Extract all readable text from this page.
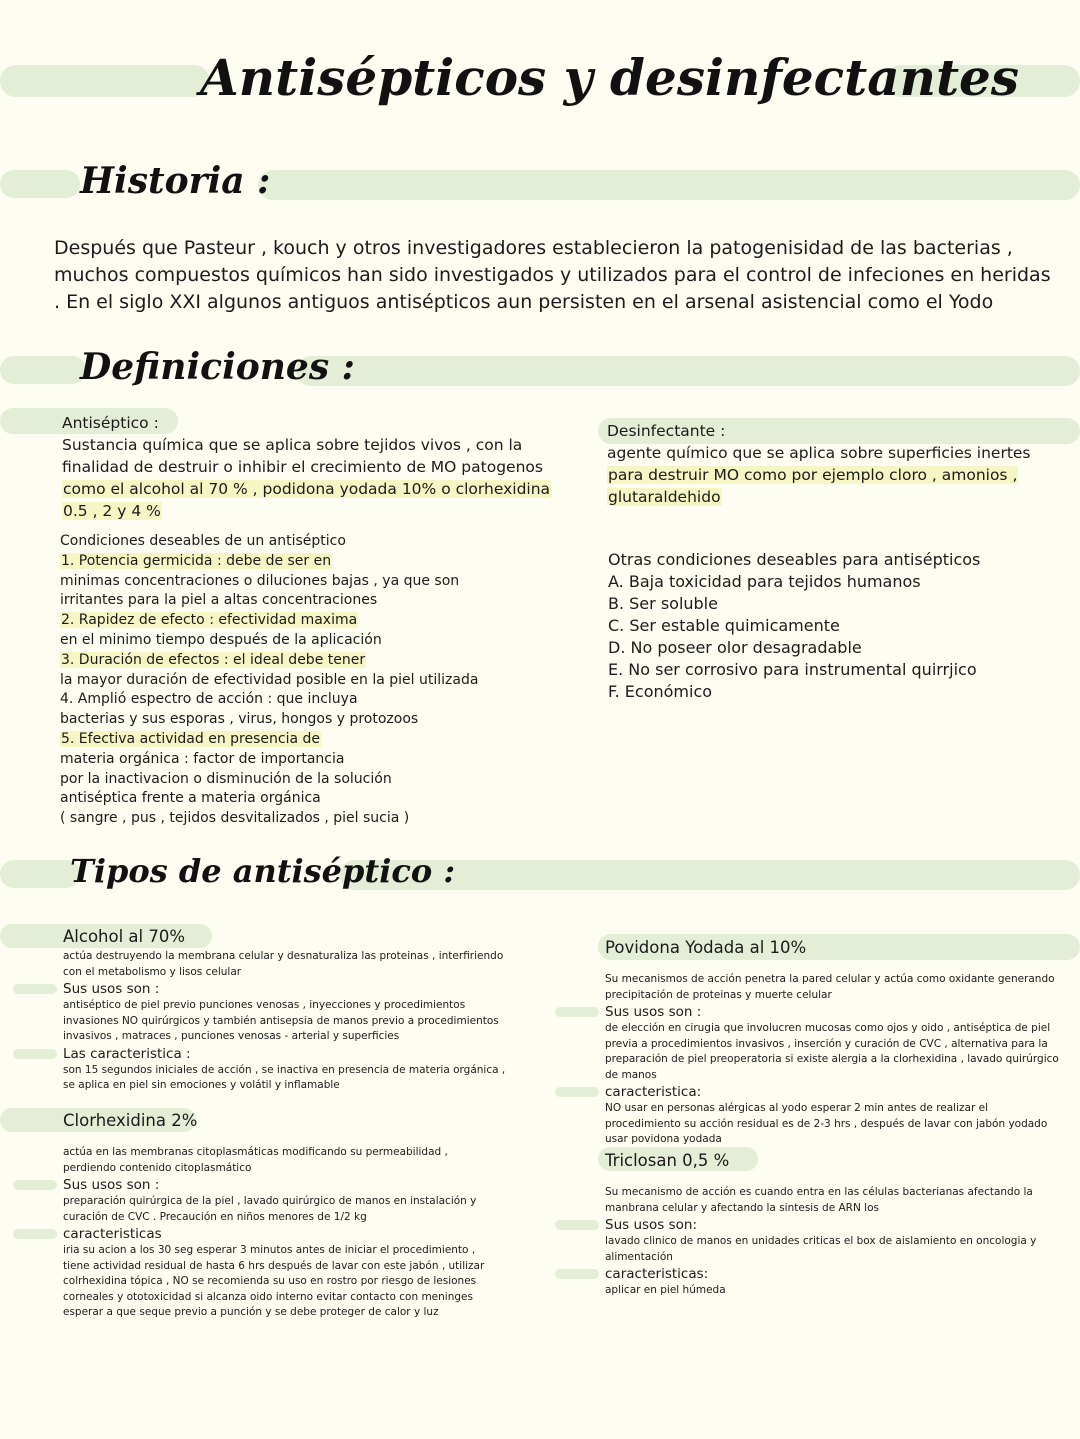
Antisépticos y desinfectantes
Historia :

Después que Pasteur , kouch y otros investigadores establecieron la patogenisidad de las bacterias , muchos compuestos químicos han sido investigados y utilizados para el control de infeciones en heridas . En el siglo XXI algunos antiguos antisépticos aun persisten en el arsenal asistencial como el Yodo

Definiciones :

Antiséptico :

Sustancia química que se aplica sobre tejidos vivos , con la

finalidad de destruir o inhibir el crecimiento de MO patogenos

como el alcohol al 70 % , podidona yodada 10% o clorhexidina

0.5 , 2 y 4 %

Desinfectante :

agente químico que se aplica sobre superficies inertes

para destruir MO como por ejemplo cloro , amonios ,

glutaraldehido

Condiciones deseables de un antiséptico

1. Potencia germicida : debe de ser en

minimas concentraciones o diluciones bajas , ya que son

irritantes para la piel a altas concentraciones

2. Rapidez de efecto : efectividad maxima

en el minimo tiempo después de la aplicación

3. Duración de efectos : el ideal debe tener

la mayor duración de efectividad posible en la piel utilizada

4. Amplió espectro de acción : que incluya

bacterias y sus esporas , virus, hongos y protozoos

5. Efectiva actividad en presencia de

materia orgánica : factor de importancia

por la inactivacion o disminución de la solución

antiséptica frente a materia orgánica

( sangre , pus , tejidos desvitalizados , piel sucia )

Otras condiciones deseables para antisépticos

A. Baja toxicidad para tejidos humanos

B. Ser soluble

C. Ser estable quimicamente

D. No poseer olor desagradable

E. No ser corrosivo para instrumental quirrjico

F. Económico

Tipos de antiséptico :
Alcohol al 70%

actúa destruyendo la membrana celular y desnaturaliza las proteinas , interfiriendo con el metabolismo y lisos celular

Sus usos son :

antiséptico de piel previo punciones venosas , inyecciones y procedimientos invasiones NO quirúrgicos y también antisepsia de manos previo a procedimientos invasivos , matraces , punciones venosas - arterial y superficies

Las caracteristica :

son 15 segundos iniciales de acción , se inactiva en presencia de materia orgánica , se aplica en piel sin emociones y volátil y inflamable

Clorhexidina 2%

actúa en las membranas citoplasmáticas modificando su permeabilidad , perdiendo contenido citoplasmático

Sus usos son :

preparación quirúrgica de la piel , lavado quirúrgico de manos en instalación y curación de CVC . Precaución en niños menores de 1/2 kg

caracteristicas

iria su acion a los 30 seg esperar 3 minutos antes de iniciar el procedimiento , tiene actividad residual de hasta 6 hrs después de lavar con este jabón , utilizar colrhexidina tópica , NO se recomienda su uso en rostro por riesgo de lesiones corneales y ototoxicidad si alcanza oido interno evitar contacto con meninges esperar a que seque previo a punción y se debe proteger de calor y luz

Povidona Yodada al 10%

Su mecanismos de acción penetra la pared celular y actúa como oxidante generando precipitación de proteinas y muerte celular

Sus usos son :

de elección en cirugia que involucren mucosas como ojos y oido , antiséptica de piel previa a procedimientos invasivos , inserción y curación de CVC , alternativa para la preparación de piel preoperatoria si existe alergia a la clorhexidina , lavado quirúrgico de manos

caracteristica:

NO usar en personas alérgicas al yodo esperar 2 min antes de realizar el procedimiento su acción residual es de 2-3 hrs , después de lavar con jabón yodado usar povidona yodada

Triclosan 0,5 %

Su mecanismo de acción es cuando entra en las células bacterianas afectando la manbrana celular y afectando la sintesis de ARN los

Sus usos son:

lavado clinico de manos en unidades criticas el box de aislamiento en oncologia y alimentación

caracteristicas:

aplicar en piel húmeda
